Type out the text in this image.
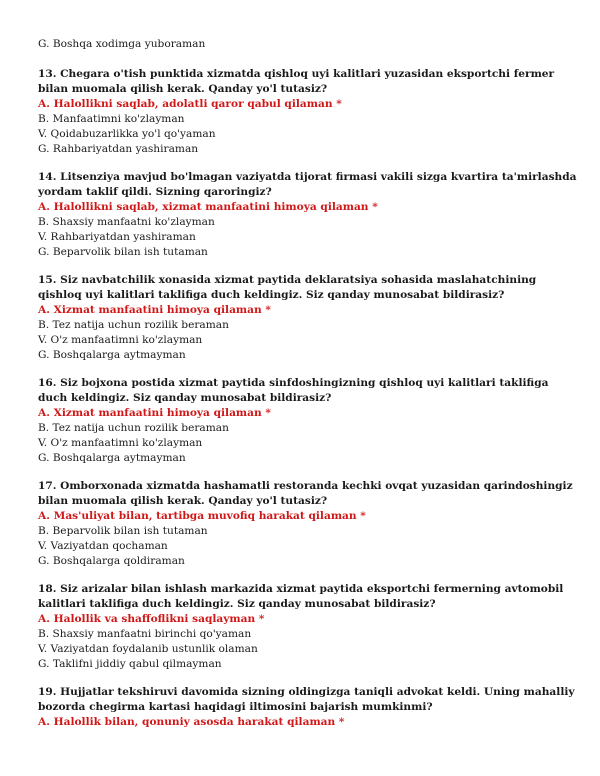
G. Boshqa xodimga yuboraman
13. Chegara o'tish punktida xizmatda qishloq uyi kalitlari yuzasidan eksportchi fermer bilan muomala qilish kerak. Qanday yo'l tutasiz?
A. Halollikni saqlab, adolatli qaror qabul qilaman *
B. Manfaatimni ko'zlayman
V. Qoidabuzarlikka yo'l qo'yaman
G. Rahbariyatdan yashiraman
14. Litsenziya mavjud bo'lmagan vaziyatda tijorat firmasi vakili sizga kvartira ta'mirlashda yordam taklif qildi. Sizning qaroringiz?
A. Halollikni saqlab, xizmat manfaatini himoya qilaman *
B. Shaxsiy manfaatni ko'zlayman
V. Rahbariyatdan yashiraman
G. Beparvolik bilan ish tutaman
15. Siz navbatchilik xonasida xizmat paytida deklaratsiya sohasida maslahatchining qishloq uyi kalitlari taklifiga duch keldingiz. Siz qanday munosabat bildirasiz?
A. Xizmat manfaatini himoya qilaman *
B. Tez natija uchun rozilik beraman
V. O'z manfaatimni ko'zlayman
G. Boshqalarga aytmayman
16. Siz bojxona postida xizmat paytida sinfdoshingizning qishloq uyi kalitlari taklifiga duch keldingiz. Siz qanday munosabat bildirasiz?
A. Xizmat manfaatini himoya qilaman *
B. Tez natija uchun rozilik beraman
V. O'z manfaatimni ko'zlayman
G. Boshqalarga aytmayman
17. Omborxonada xizmatda hashamatli restoranda kechki ovqat yuzasidan qarindoshingiz bilan muomala qilish kerak. Qanday yo'l tutasiz?
A. Mas'uliyat bilan, tartibga muvofiq harakat qilaman *
B. Beparvolik bilan ish tutaman
V. Vaziyatdan qochaman
G. Boshqalarga qoldiraman
18. Siz arizalar bilan ishlash markazida xizmat paytida eksportchi fermerning avtomobil kalitlari taklifiga duch keldingiz. Siz qanday munosabat bildirasiz?
A. Halollik va shaffoflikni saqlayman *
B. Shaxsiy manfaatni birinchi qo'yaman
V. Vaziyatdan foydalanib ustunlik olaman
G. Taklifni jiddiy qabul qilmayman
19. Hujjatlar tekshiruvi davomida sizning oldingizga taniqli advokat keldi. Uning mahalliy bozorda chegirma kartasi haqidagi iltimosini bajarish mumkinmi?
A. Halollik bilan, qonuniy asosda harakat qilaman *
